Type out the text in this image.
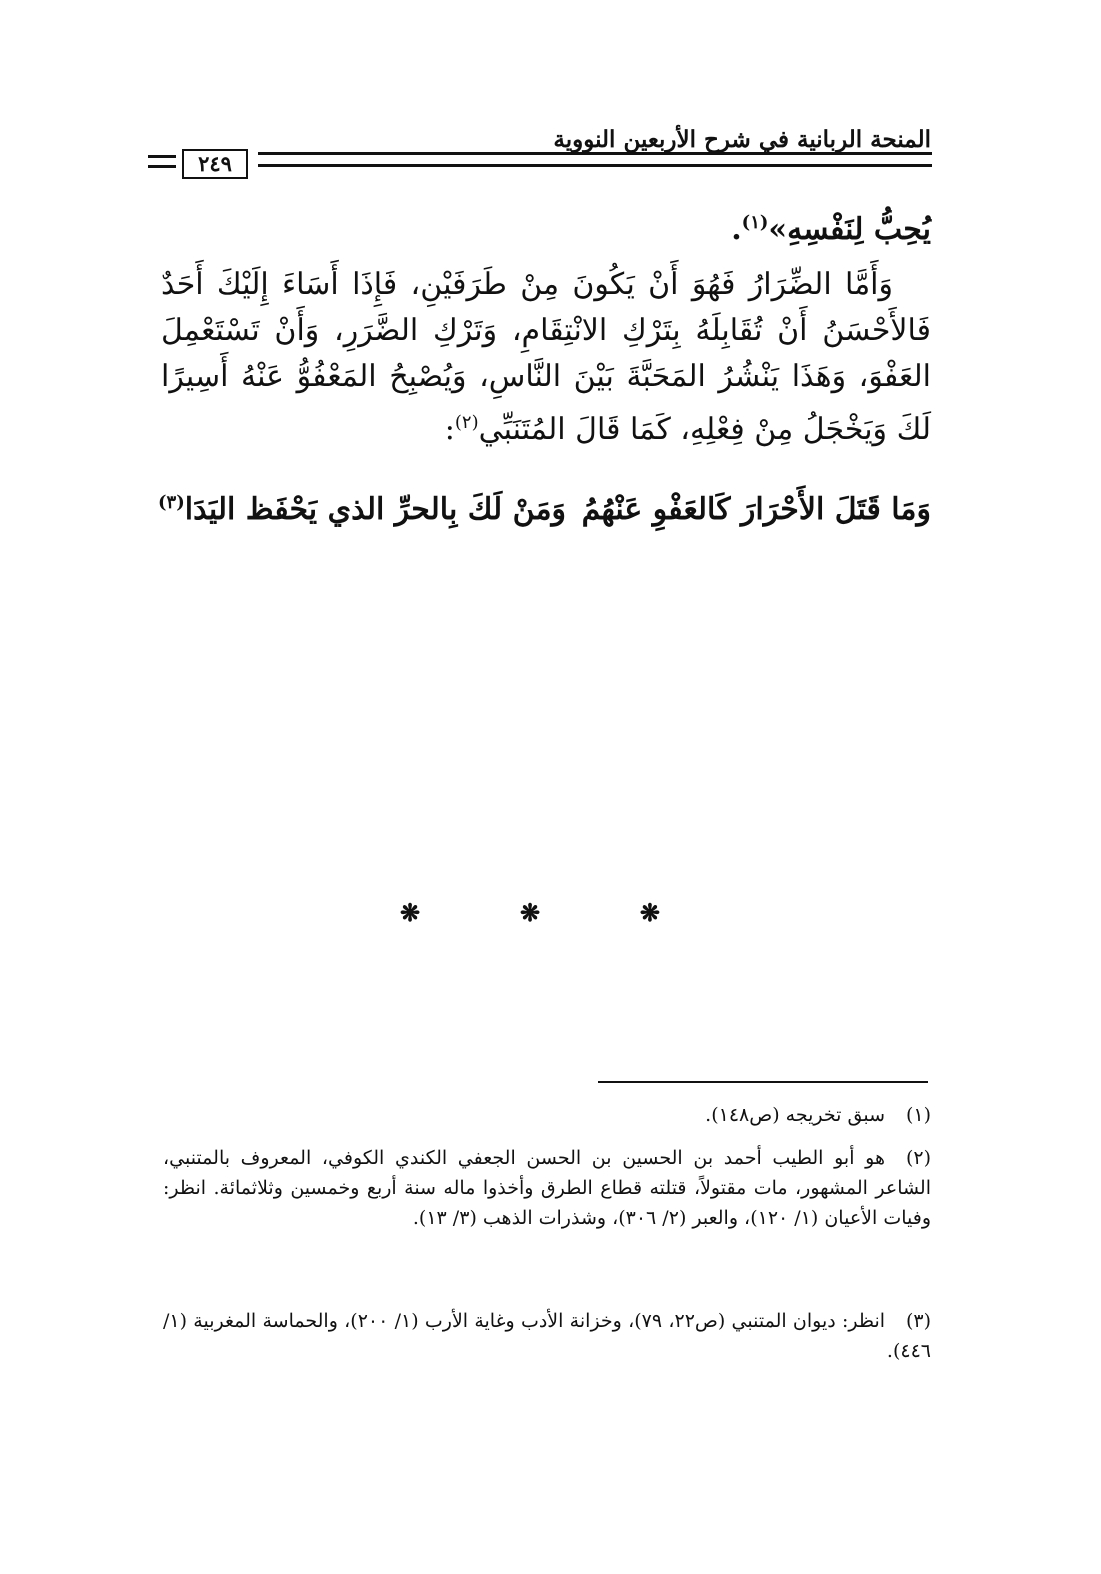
المنحة الربانية في شرح الأربعين النووية
٢٤٩
يُحِبُّ لِنَفْسِهِ»$^{(١)}$.
وَأَمَّا الضِّرَارُ فَهُوَ أَنْ يَكُونَ مِنْ طَرَفَيْنِ، فَإِذَا أَسَاءَ إِلَيْكَ أَحَدٌ فَالأَحْسَنُ أَنْ تُقَابِلَهُ بِتَرْكِ الانْتِقَامِ، وَتَرْكِ الضَّرَرِ، وَأَنْ تَسْتَعْمِلَ العَفْوَ، وَهَذَا يَنْشُرُ المَحَبَّةَ بَيْنَ النَّاسِ، وَيُصْبِحُ المَعْفُوُّ عَنْهُ أَسِيرًا لَكَ وَيَخْجَلُ مِنْ فِعْلِهِ، كَمَا قَالَ المُتَنَبِّي$^{(٢)}$:
وَمَا قَتَلَ الأَحْرَارَ كَالعَفْوِ عَنْهُمُ
وَمَنْ لَكَ بِالحرِّ الذي يَحْفَظ اليَدَا$^{(٣)}$
❋	❋	❋
(١)سبق تخريجه (ص١٤٨).
(٢)هو أبو الطيب أحمد بن الحسين بن الحسن الجعفي الكندي الكوفي، المعروف بالمتنبي، الشاعر المشهور، مات مقتولاً، قتلته قطاع الطرق وأخذوا ماله سنة أربع وخمسين وثلاثمائة. انظر: وفيات الأعيان (١/ ١٢٠)، والعبر (٢/ ٣٠٦)، وشذرات الذهب (٣/ ١٣).
(٣)انظر: ديوان المتنبي (ص٢٢، ٧٩)، وخزانة الأدب وغاية الأرب (١/ ٢٠٠)، والحماسة المغربية (١/ ٤٤٦).
